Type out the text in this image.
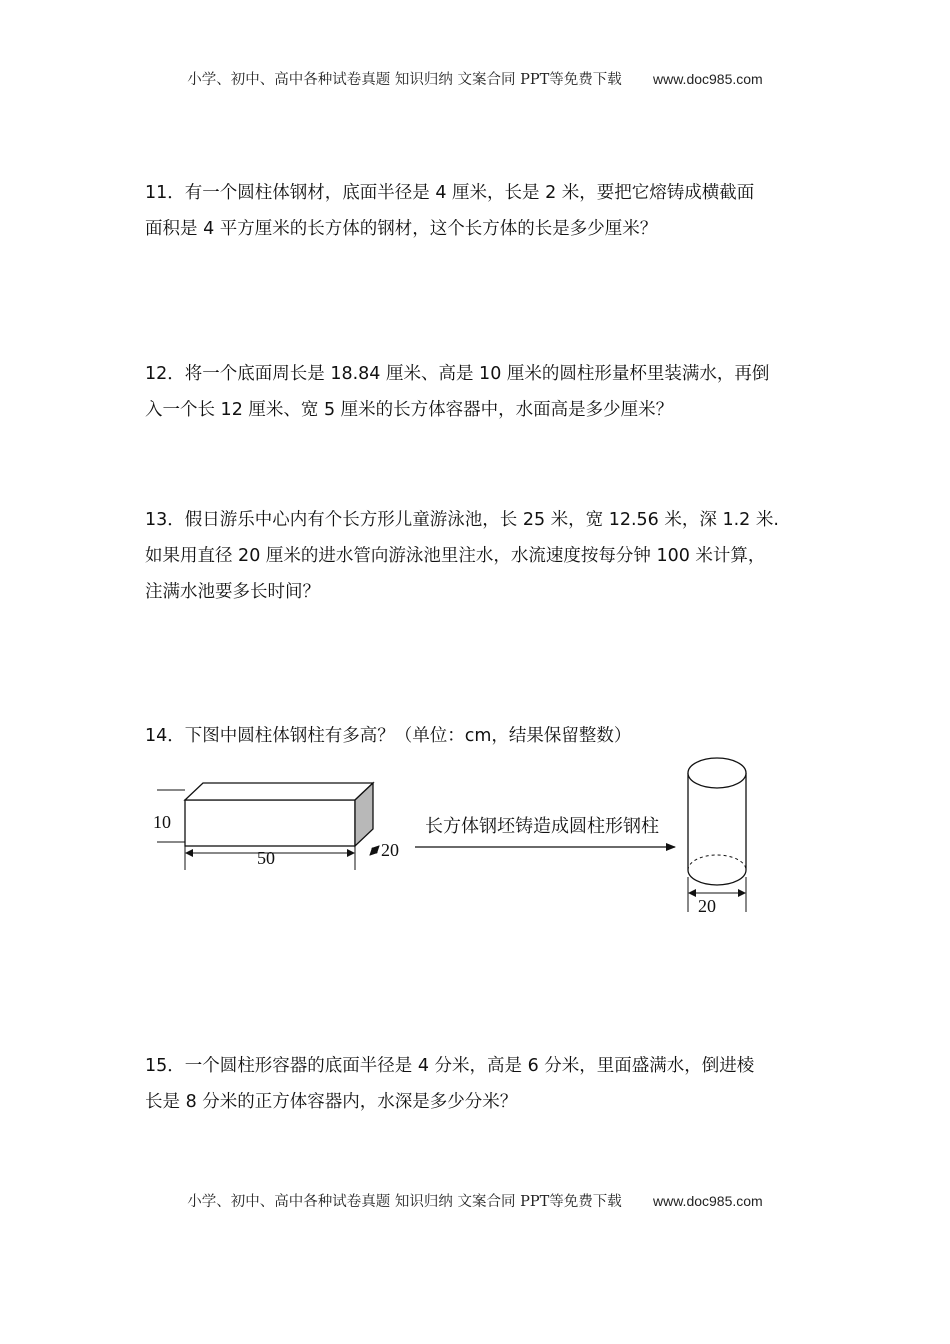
小学、初中、高中各种试卷真题 知识归纳 文案合同 PPT等免费下载 www.doc985.com
11．有一个圆柱体钢材，底面半径是 4 厘米，长是 2 米，要把它熔铸成横截面
面积是 4 平方厘米的长方体的钢材，这个长方体的长是多少厘米？
12．将一个底面周长是 18.84 厘米、高是 10 厘米的圆柱形量杯里装满水，再倒
入一个长 12 厘米、宽 5 厘米的长方体容器中，水面高是多少厘米？
13．假日游乐中心内有个长方形儿童游泳池，长 25 米，宽 12.56 米，深 1.2 米.
如果用直径 20 厘米的进水管向游泳池里注水，水流速度按每分钟 100 米计算，
注满水池要多长时间？
14．下图中圆柱体钢柱有多高？（单位：cm，结果保留整数）
10
50	20
20
长方体钢坯铸造成圆柱形钢柱
15．一个圆柱形容器的底面半径是 4 分米，高是 6 分米，里面盛满水，倒进棱
长是 8 分米的正方体容器内，水深是多少分米？
小学、初中、高中各种试卷真题 知识归纳 文案合同 PPT等免费下载 www.doc985.com
